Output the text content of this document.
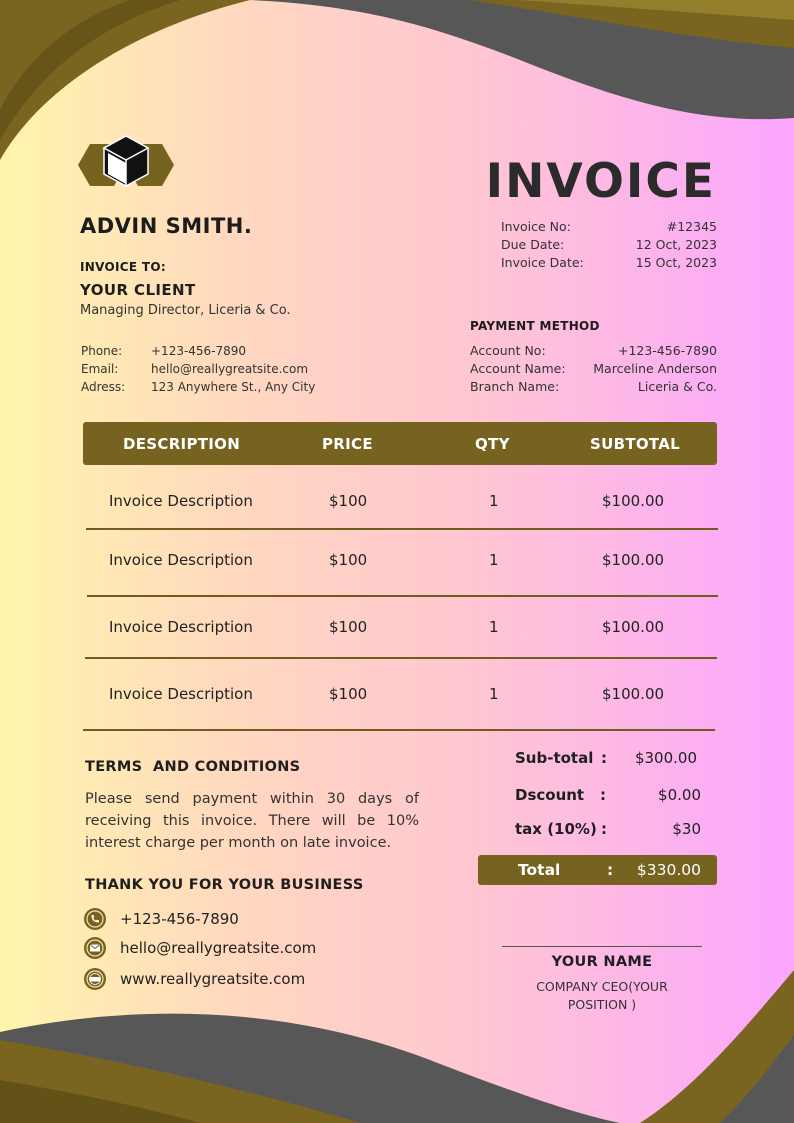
ADVIN SMITH.
INVOICE
Invoice No:	#12345
Due Date:	12 Oct, 2023
Invoice Date:	15 Oct, 2023
INVOICE TO:
YOUR CLIENT
Managing Director, Liceria & Co.
Phone:	+123-456-7890
Email:	hello@reallygreatsite.com
Adress:	123 Anywhere St., Any City
PAYMENT METHOD
Account No:	+123-456-7890
Account Name: Marceline Anderson
Branch Name:	Liceria & Co.
DESCRIPTION	PRICE	QTY	SUBTOTAL
Invoice Description	$100	1	$100.00
Invoice Description	$100	1	$100.00
Invoice Description	$100	1	$100.00
Invoice Description	$100	1	$100.00
TERMS  AND CONDITIONS
Please send payment within 30 days of receiving this invoice. There will be 10% interest charge per month on late invoice.
Sub-total : $300.00
Dscount :	$0.00
tax (10%) :	$30
Total	: $330.00
THANK YOU FOR YOUR BUSINESS
+123-456-7890
hello@reallygreatsite.com
www.reallygreatsite.com
YOUR NAME
COMPANY CEO(YOUR POSITION )
